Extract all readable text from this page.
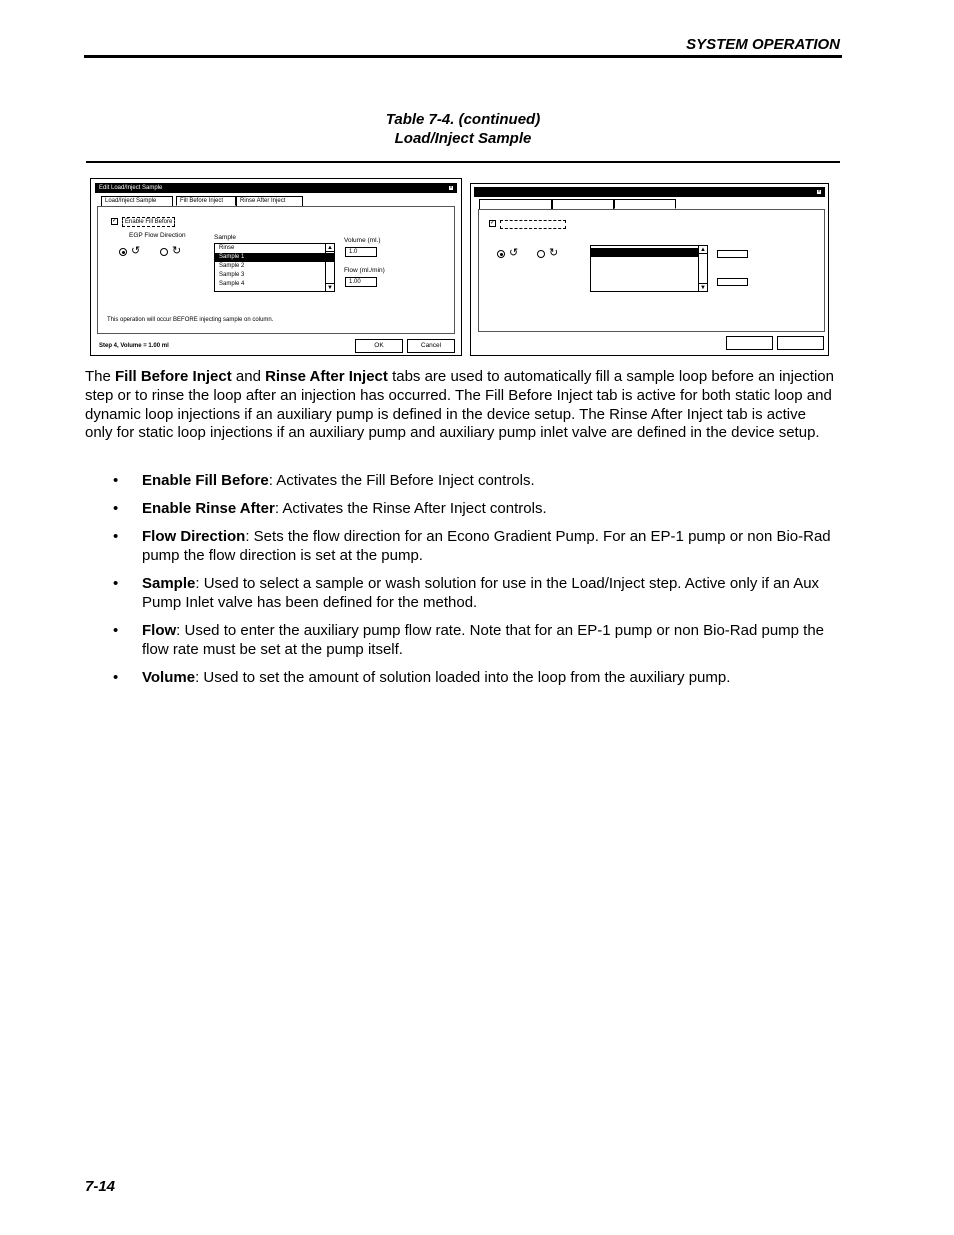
SYSTEM OPERATION
Table 7-4. (continued)
Load/Inject Sample
Edit Load/Inject Sample	×
Load/Inject Sample	Fill Before Inject	Rinse After Inject
✓	Enable Fill Before
EGP Flow Direction
↺	↻
Sample
Rinse
Sample 1
Sample 2
Sample 3
Sample 4
▲
▼
Volume (ml.)
1.0
Flow (ml./min)
1.00
This operation will occur BEFORE injecting sample on column.
Step 4, Volume = 1.00 ml	OK	Cancel
×
✓
↺	↻	▲
▼
The Fill Before Inject and Rinse After Inject tabs are used to automatically fill a sample loop before an injection step or to rinse the loop after an injection has occurred. The Fill Before Inject tab is active for both static loop and dynamic loop injections if an auxiliary pump is defined in the device setup. The Rinse After Inject tab is active only for static loop injections if an auxiliary pump and auxiliary pump inlet valve are defined in the device setup.
• Enable Fill Before: Activates the Fill Before Inject controls.
• Enable Rinse After: Activates the Rinse After Inject controls.
• Flow Direction: Sets the flow direction for an Econo Gradient Pump. For an EP-1 pump or non Bio-Rad pump the flow direction is set at the pump.
• Sample: Used to select a sample or wash solution for use in the Load/Inject step. Active only if an Aux Pump Inlet valve has been defined for the method.
• Flow: Used to enter the auxiliary pump flow rate. Note that for an EP-1 pump or non Bio-Rad pump the flow rate must be set at the pump itself.
• Volume: Used to set the amount of solution loaded into the loop from the auxiliary pump.
7-14
